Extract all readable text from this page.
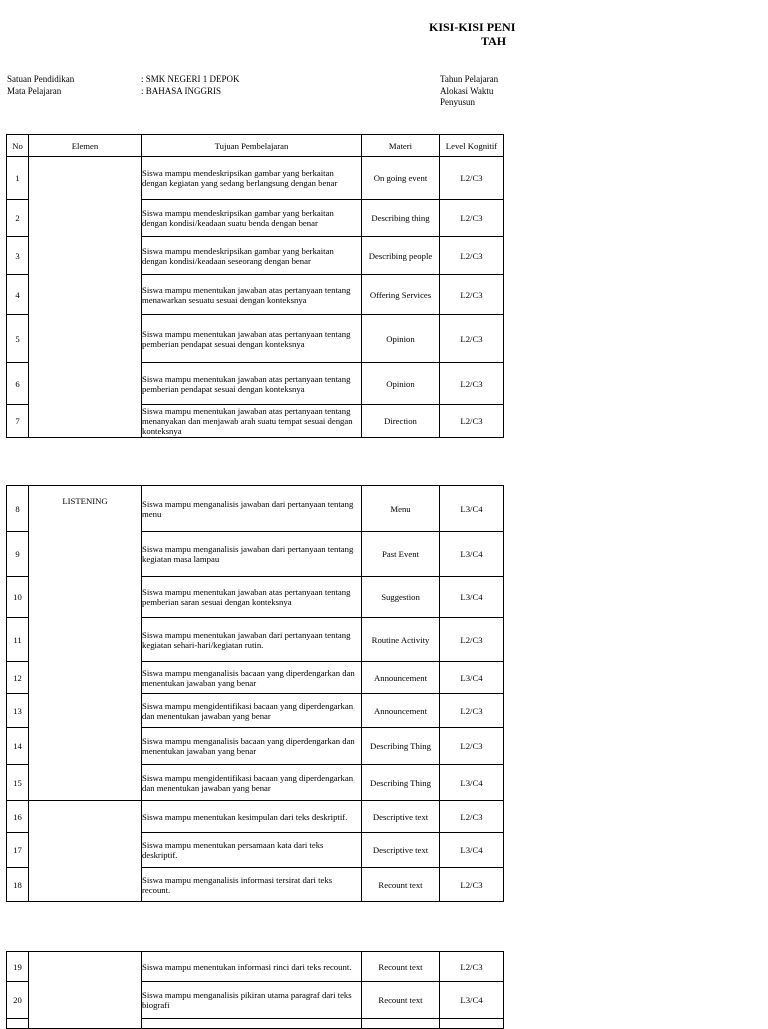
KISI-KISI PENI
TAH
Satuan Pendidikan	: SMK NEGERI 1 DEPOK
Mata Pelajaran	: BAHASA INGGRIS
Tahun Pelajaran
Alokasi Waktu
Penyusun
No	Elemen	Tujuan Pembelajaran	Materi	Level Kognitif
1		Siswa mampu mendeskripsikan gambar yang berkaitan dengan kegiatan yang sedang berlangsung dengan benar	On going event	L2/C3
2		Siswa mampu mendeskripsikan gambar yang berkaitan dengan kondisi/keadaan suatu benda dengan benar	Describing thing	L2/C3
3		Siswa mampu mendeskripsikan gambar yang berkaitan dengan kondisi/keadaan seseorang dengan benar	Describing people	L2/C3
4		Siswa mampu menentukan jawaban atas pertanyaan tentang menawarkan sesuatu sesuai dengan konteksnya	Offering Services	L2/C3
5		Siswa mampu menentukan jawaban atas pertanyaan tentang pemberian pendapat sesuai dengan konteksnya	Opinion	L2/C3
6		Siswa mampu menentukan jawaban atas pertanyaan tentang pemberian pendapat sesuai dengan konteksnya	Opinion	L2/C3
7		Siswa mampu menentukan jawaban atas pertanyaan tentang menanyakan dan menjawab arah suatu tempat sesuai dengan konteksnya	Direction	L2/C3
8	LISTENING	Siswa mampu menganalisis jawaban dari pertanyaan tentang menu	Menu	L3/C4
9		Siswa mampu menganalisis jawaban dari pertanyaan tentang kegiatan masa lampau	Past Event	L3/C4
10		Siswa mampu menentukan jawaban atas pertanyaan tentang pemberian saran sesuai dengan konteksnya	Suggestion	L3/C4
11		Siswa mampu menentukan jawaban dari pertanyaan tentang kegiatan sehari-hari/kegiatan rutin.	Routine Activity	L2/C3
12		Siswa mampu menganalisis bacaan yang diperdengarkan dan menentukan jawaban yang benar	Announcement	L3/C4
13		Siswa mampu mengidentifikasi bacaan yang diperdengarkan dan menentukan jawaban yang benar	Announcement	L2/C3
14		Siswa mampu menganalisis bacaan yang diperdengarkan dan menentukan jawaban yang benar	Describing Thing	L2/C3
15		Siswa mampu mengidentifikasi bacaan yang diperdengarkan dan menentukan jawaban yang benar	Describing Thing	L3/C4
16		Siswa mampu menentukan kesimpulan dari teks deskriptif.	Descriptive text	L2/C3
17		Siswa mampu menentukan persamaan kata dari teks deskriptif.	Descriptive text	L3/C4
18		Siswa mampu menganalisis informasi tersirat dari teks recount.	Recount text	L2/C3
19		Siswa mampu menentukan informasi rinci dari teks recount.	Recount text	L2/C3
20		Siswa mampu menganalisis pikiran utama paragraf dari teks biografi	Recount text	L3/C4
